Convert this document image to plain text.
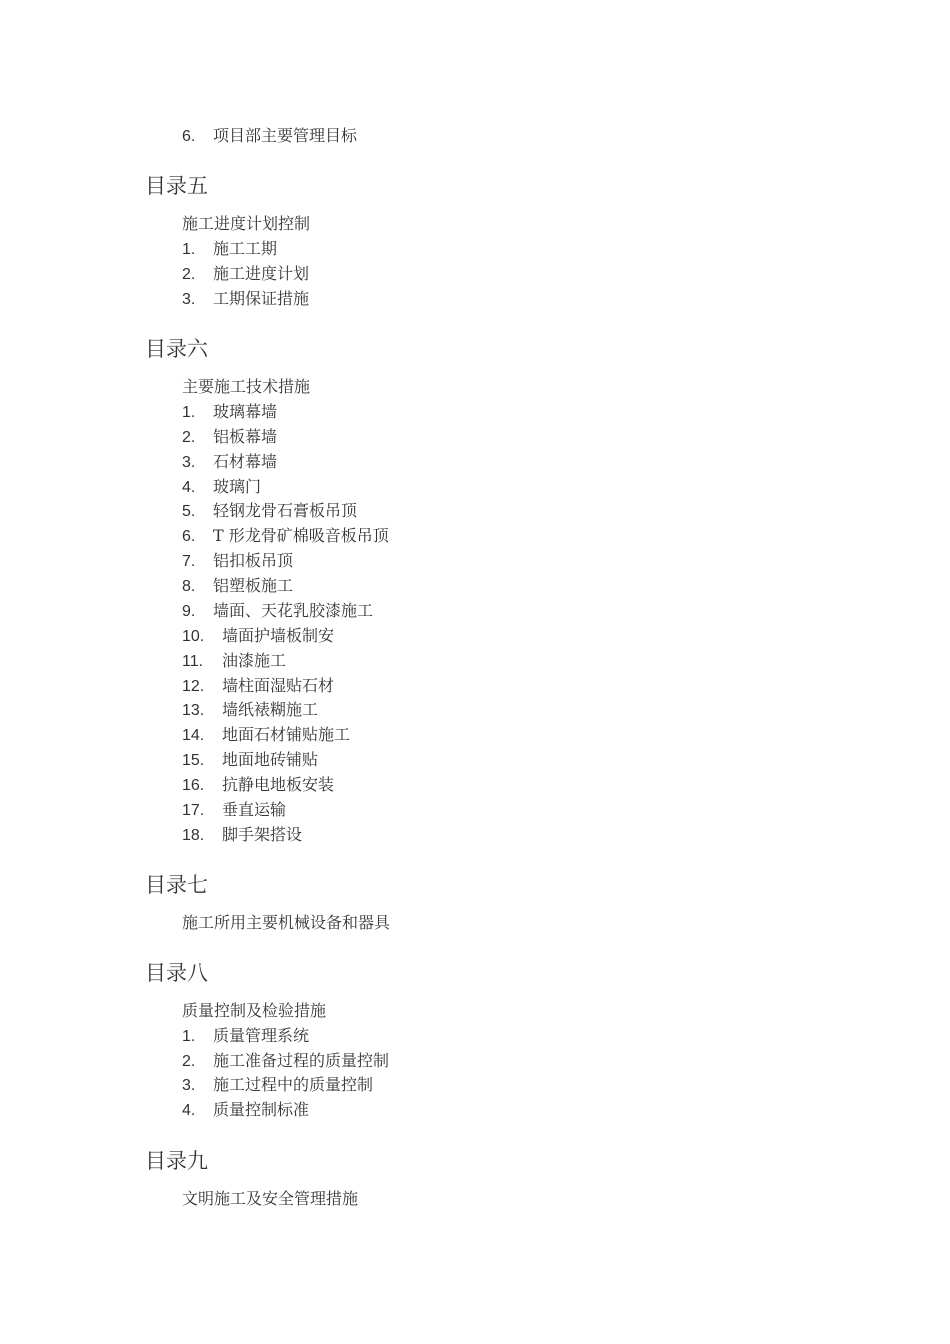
6. 项目部主要管理目标
目录五
施工进度计划控制
1. 施工工期
2. 施工进度计划
3. 工期保证措施
目录六
主要施工技术措施
1. 玻璃幕墙
2. 铝板幕墙
3. 石材幕墙
4. 玻璃门
5. 轻钢龙骨石膏板吊顶
6. T 形龙骨矿棉吸音板吊顶
7. 铝扣板吊顶
8. 铝塑板施工
9. 墙面、天花乳胶漆施工
10. 墙面护墙板制安
11. 油漆施工
12. 墙柱面湿贴石材
13. 墙纸裱糊施工
14. 地面石材铺贴施工
15. 地面地砖铺贴
16. 抗静电地板安装
17. 垂直运输
18. 脚手架搭设
目录七
施工所用主要机械设备和器具
目录八
质量控制及检验措施
1. 质量管理系统
2. 施工准备过程的质量控制
3. 施工过程中的质量控制
4. 质量控制标准
目录九
文明施工及安全管理措施
